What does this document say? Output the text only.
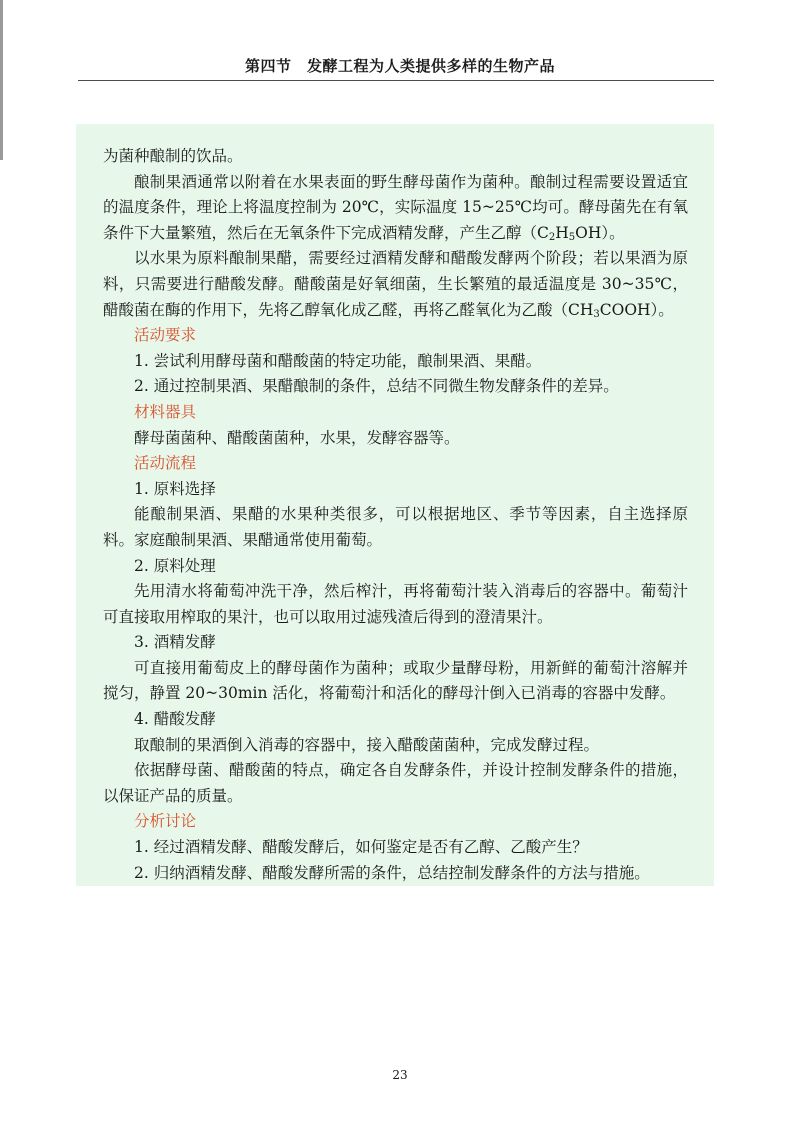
第四节　发酵工程为人类提供多样的生物产品

为菌种酿制的饮品。

酿制果酒通常以附着在水果表面的野生酵母菌作为菌种。酿制过程需要设置适宜的温度条件，理论上将温度控制为 20℃，实际温度 15~25℃均可。酵母菌先在有氧条件下大量繁殖，然后在无氧条件下完成酒精发酵，产生乙醇$(C_2H_5OH)$。

以水果为原料酿制果醋，需要经过酒精发酵和醋酸发酵两个阶段；若以果酒为原料，只需要进行醋酸发酵。醋酸菌是好氧细菌，生长繁殖的最适温度是 30~35℃，醋酸菌在酶的作用下，先将乙醇氧化成乙醛，再将乙醛氧化为乙酸$(CH_3COOH)$。

活动要求

1. 尝试利用酵母菌和醋酸菌的特定功能，酿制果酒、果醋。

2. 通过控制果酒、果醋酿制的条件，总结不同微生物发酵条件的差异。

材料器具

酵母菌菌种、醋酸菌菌种，水果，发酵容器等。

活动流程

1. 原料选择

能酿制果酒、果醋的水果种类很多，可以根据地区、季节等因素，自主选择原料。家庭酿制果酒、果醋通常使用葡萄。

2. 原料处理

先用清水将葡萄冲洗干净，然后榨汁，再将葡萄汁装入消毒后的容器中。葡萄汁可直接取用榨取的果汁，也可以取用过滤残渣后得到的澄清果汁。

3. 酒精发酵

可直接用葡萄皮上的酵母菌作为菌种；或取少量酵母粉，用新鲜的葡萄汁溶解并搅匀，静置 20~30min 活化，将葡萄汁和活化的酵母汁倒入已消毒的容器中发酵。

4. 醋酸发酵

取酿制的果酒倒入消毒的容器中，接入醋酸菌菌种，完成发酵过程。

依据酵母菌、醋酸菌的特点，确定各自发酵条件，并设计控制发酵条件的措施，以保证产品的质量。

分析讨论

1. 经过酒精发酵、醋酸发酵后，如何鉴定是否有乙醇、乙酸产生？

2. 归纳酒精发酵、醋酸发酵所需的条件，总结控制发酵条件的方法与措施。

23
